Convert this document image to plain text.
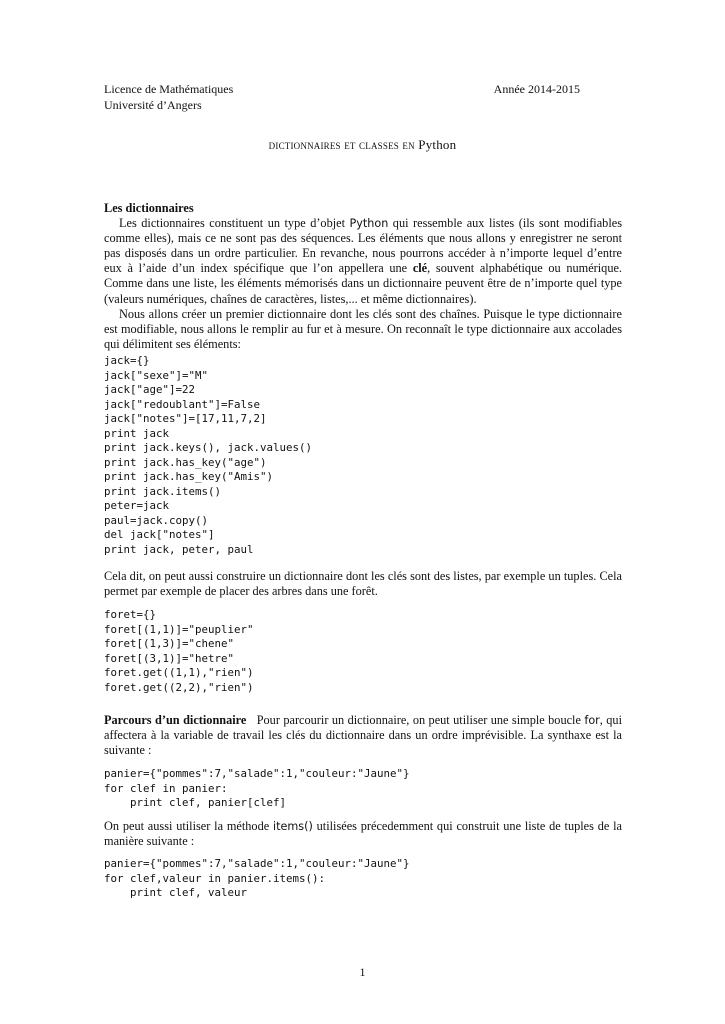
Licence de Mathématiques
Université d’Angers
Année 2014-2015
dictionnaires et classes en Python

Les dictionnaires

Les dictionnaires constituent un type d’objet Python qui ressemble aux listes (ils sont modifiables comme elles), mais ce ne sont pas des séquences. Les éléments que nous allons y enregistrer ne seront pas disposés dans un ordre particulier. En revanche, nous pourrons accéder à n’importe lequel d’entre eux à l’aide d’un index spécifique que l’on appellera une clé, souvent alphabétique ou numérique. Comme dans une liste, les éléments mémorisés dans un dictionnaire peuvent être de n’importe quel type (valeurs numériques, chaînes de caractères, listes,... et même dictionnaires).

Nous allons créer un premier dictionnaire dont les clés sont des chaînes. Puisque le type dictionnaire est modifiable, nous allons le remplir au fur et à mesure. On reconnaît le type dictionnaire aux accolades qui délimitent ses éléments:

jack={}
jack["sexe"]="M"
jack["age"]=22
jack["redoublant"]=False
jack["notes"]=[17,11,7,2]
print jack
print jack.keys(), jack.values()
print jack.has_key("age")
print jack.has_key("Amis")
print jack.items()
peter=jack
paul=jack.copy()
del jack["notes"]
print jack, peter, paul
Cela dit, on peut aussi construire un dictionnaire dont les clés sont des listes, par exemple un tuples. Cela permet par exemple de placer des arbres dans une forêt.
foret={}
foret[(1,1)]="peuplier"
foret[(1,3)]="chene"
foret[(3,1)]="hetre"
foret.get((1,1),"rien")
foret.get((2,2),"rien")

Parcours d’un dictionnaire Pour parcourir un dictionnaire, on peut utiliser une simple boucle for, qui affectera à la variable de travail les clés du dictionnaire dans un ordre imprévisible. La synthaxe est la suivante :

panier={"pommes":7,"salade":1,"couleur:"Jaune"}
for clef in panier:
print clef, panier[clef]
On peut aussi utiliser la méthode items() utilisées précedemment qui construit une liste de tuples de la manière suivante :
panier={"pommes":7,"salade":1,"couleur:"Jaune"}
for clef,valeur in panier.items():
print clef, valeur
1
